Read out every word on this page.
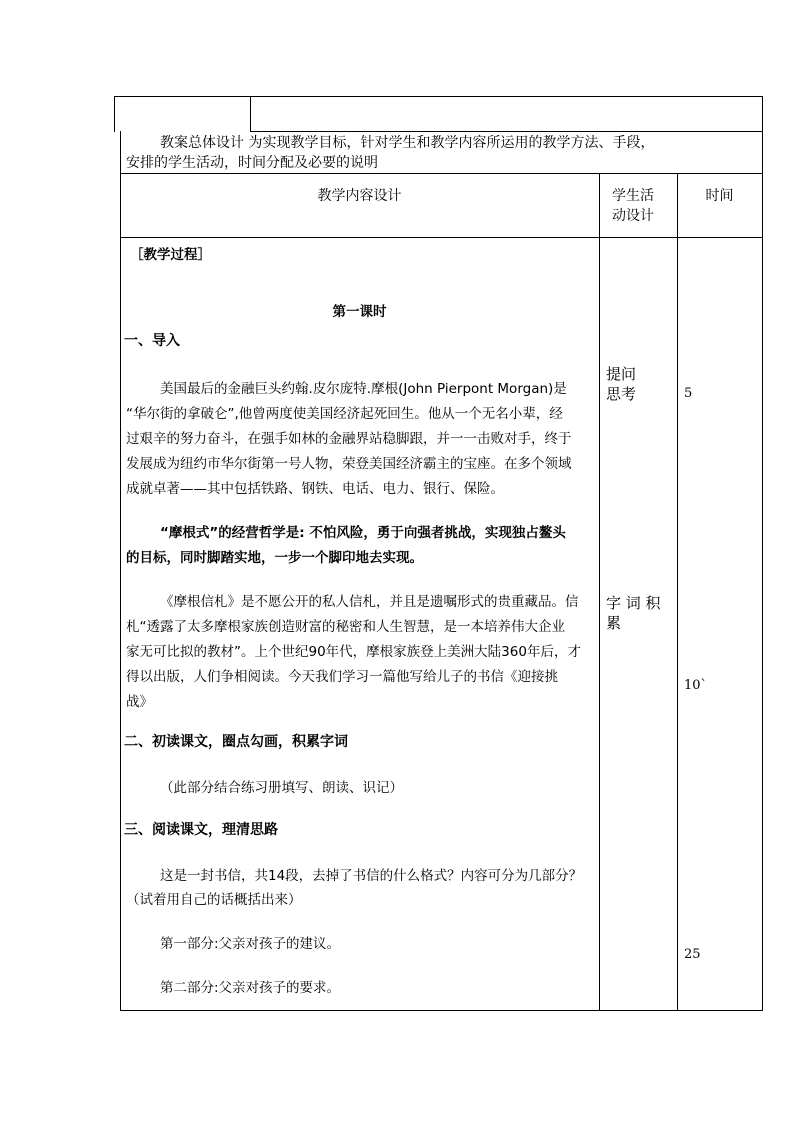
教案总体设计 为实现教学目标，针对学生和教学内容所运用的教学方法、手段，
安排的学生活动，时间分配及必要的说明
教学内容设计	学生活
动设计
时间
［教学过程］
第一课时
一、导入
美国最后的金融巨头约翰.皮尔庞特.摩根(John Pierpont Morgan)是
“华尔街的拿破仑”,他曾两度使美国经济起死回生。他从一个无名小辈，经
过艰辛的努力奋斗，在强手如林的金融界站稳脚跟，并一一击败对手，终于
发展成为纽约市华尔街第一号人物，荣登美国经济霸主的宝座。在多个领域
成就卓著——其中包括铁路、钢铁、电话、电力、银行、保险。
“摩根式”的经营哲学是: 不怕风险，勇于向强者挑战，实现独占鳌头
的目标，同时脚踏实地，一步一个脚印地去实现。
《摩根信札》是不愿公开的私人信札，并且是遗嘱形式的贵重藏品。信
札“透露了太多摩根家族创造财富的秘密和人生智慧，是一本培养伟大企业
家无可比拟的教材”。上个世纪90年代，摩根家族登上美洲大陆360年后，才
得以出版，人们争相阅读。今天我们学习一篇他写给儿子的书信《迎接挑
战》
二、初读课文，圈点勾画，积累字词
（此部分结合练习册填写、朗读、识记）
三、阅读课文，理清思路
这是一封书信，共14段，去掉了书信的什么格式？内容可分为几部分？
（试着用自己的话概括出来）
第一部分:父亲对孩子的建议。
第二部分:父亲对孩子的要求。
提问
思考
字 词 积
累
5
10`
25
